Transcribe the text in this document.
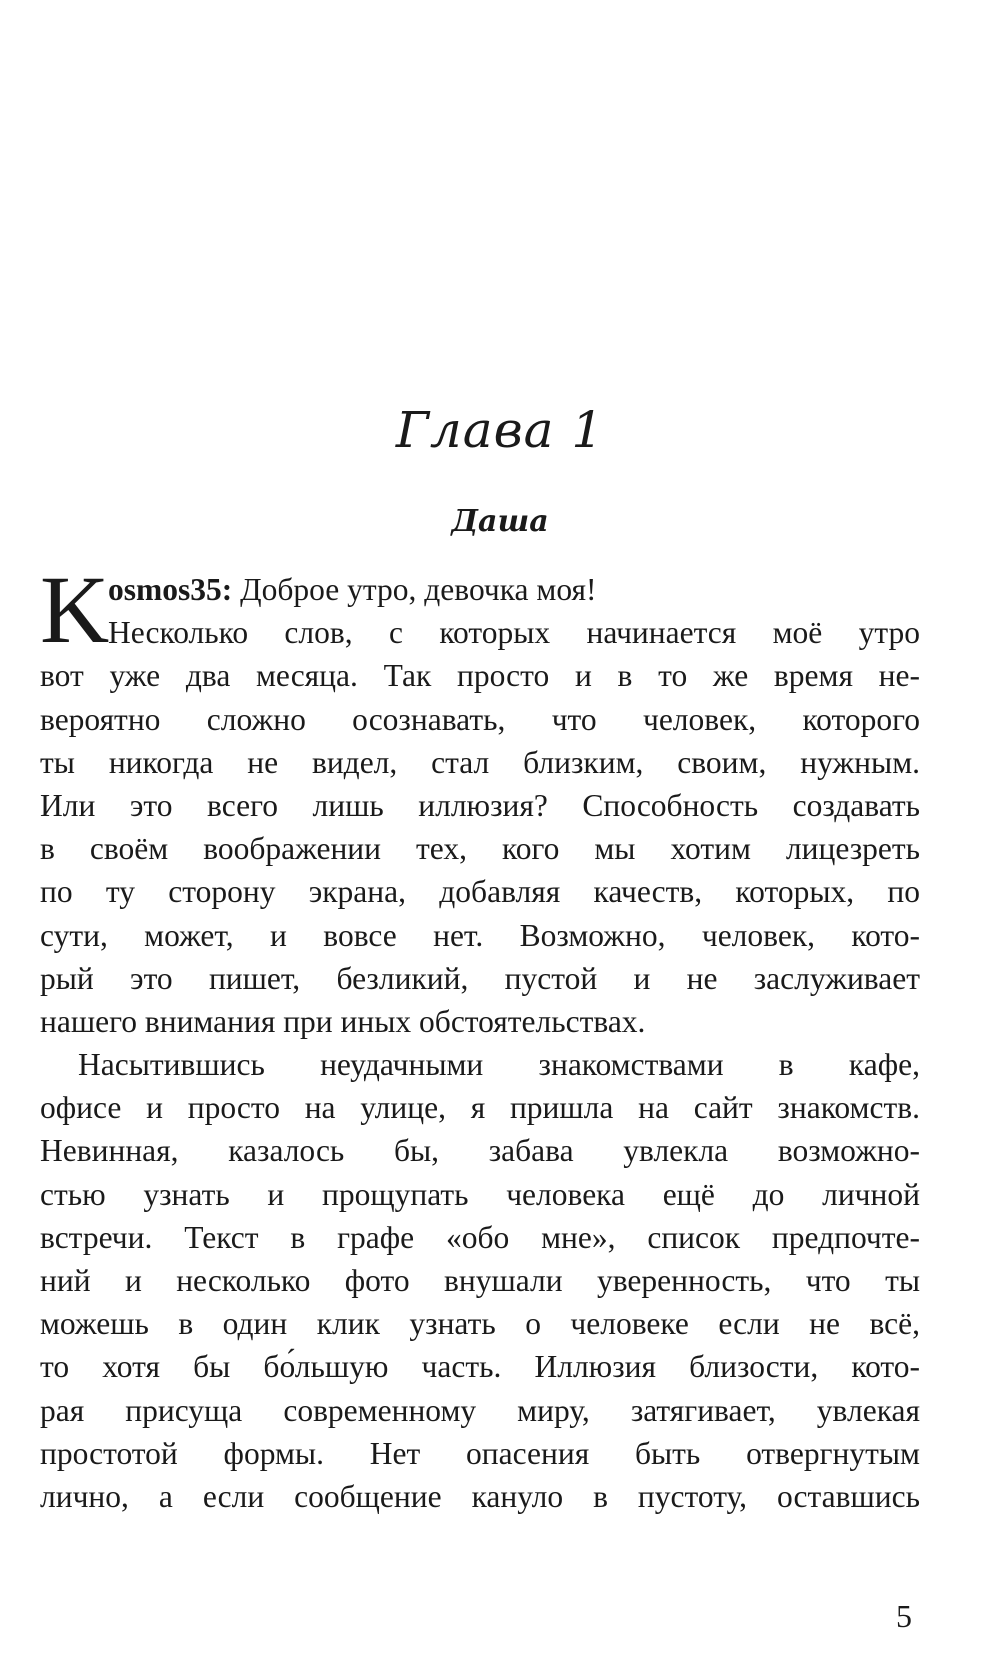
Глава 1
Даша

K
osmos35: Доброе утро, девочка моя!
Несколько слов, с которых начинается моё утро
вот уже два месяца. Так просто и в то же время не-
вероятно сложно осознавать, что человек, которого
ты никогда не видел, стал близким, своим, нужным.
Или это всего лишь иллюзия? Способность создавать
в своём воображении тех, кого мы хотим лицезреть
по ту сторону экрана, добавляя качеств, которых, по
сути, может, и вовсе нет. Возможно, человек, кото-
рый это пишет, безликий, пустой и не заслуживает
нашего внимания при иных обстоятельствах.

Насытившись неудачными знакомствами в кафе,
офисе и просто на улице, я пришла на сайт знакомств.
Невинная, казалось бы, забава увлекла возможно-
стью узнать и прощупать человека ещё до личной
встречи. Текст в графе «обо мне», список предпочте-
ний и несколько фото внушали уверенность, что ты
можешь в один клик узнать о человеке если не всё,
то хотя бы бо́льшую часть. Иллюзия близости, кото-
рая присуща современному миру, затягивает, увлекая
простотой формы. Нет опасения быть отвергнутым
лично, а если сообщение кануло в пустоту, оставшись

5
